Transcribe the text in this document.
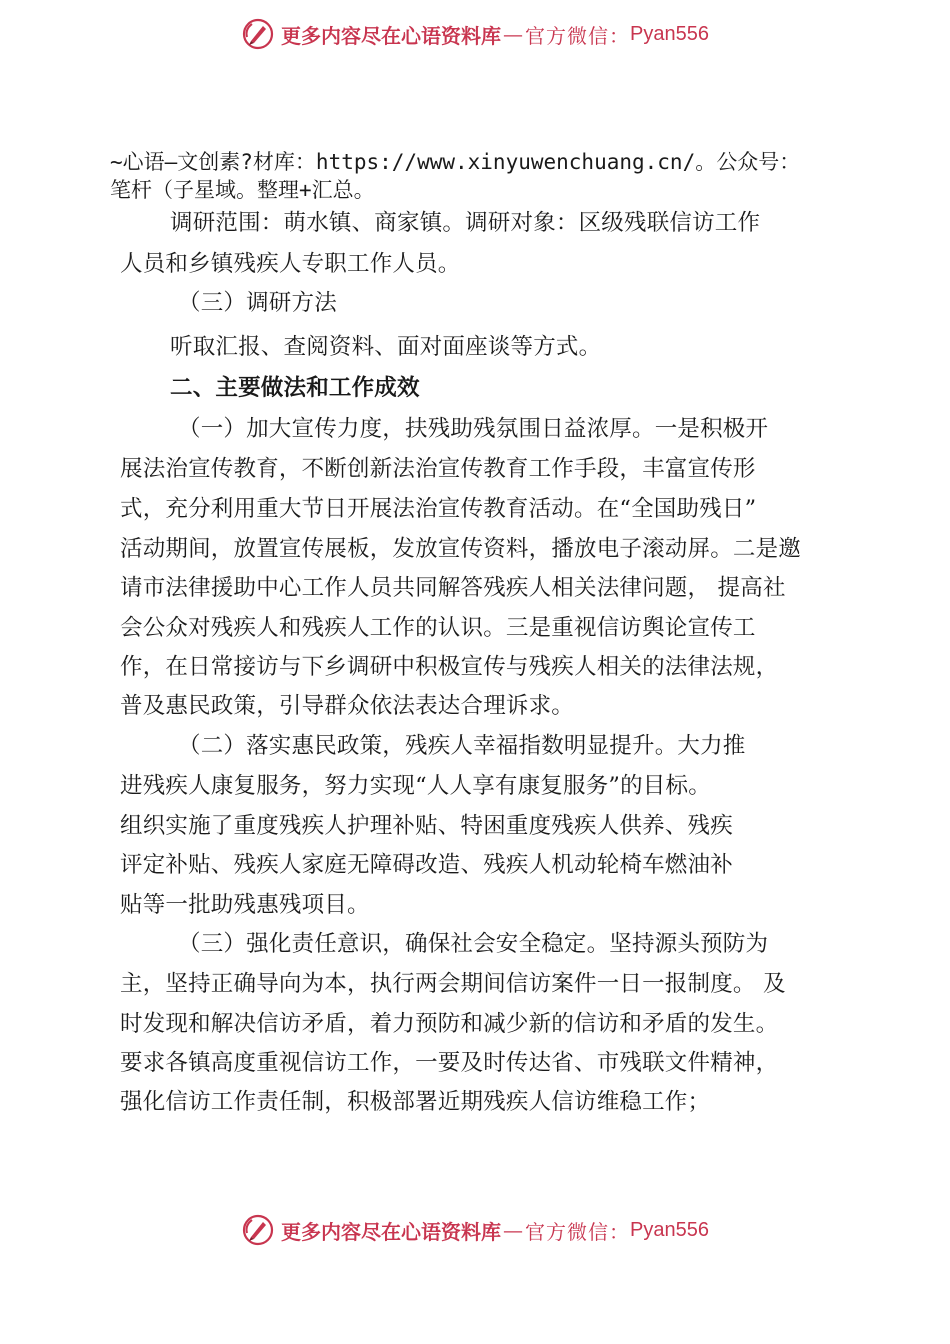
更多内容尽在心语资料库 — 官方微信： Pyan556
~心语—文创素?材库：https://www.xinyuwenchuang.cn/。公众号：
笔杆（子星域。整理+汇总。
调研范围：萌水镇、商家镇。调研对象：区级残联信访工作
人员和乡镇残疾人专职工作人员。
（三）调研方法
听取汇报、查阅资料、面对面座谈等方式。
二、主要做法和工作成效
（一）加大宣传力度，扶残助残氛围日益浓厚。一是积极开
展法治宣传教育，不断创新法治宣传教育工作手段，丰富宣传形
式，充分利用重大节日开展法治宣传教育活动。在“全国助残日”
活动期间，放置宣传展板，发放宣传资料，播放电子滚动屏。二是邀
请市法律援助中心工作人员共同解答残疾人相关法律问题， 提高社
会公众对残疾人和残疾人工作的认识。三是重视信访舆论宣传工
作，在日常接访与下乡调研中积极宣传与残疾人相关的法律法规，
普及惠民政策，引导群众依法表达合理诉求。
（二）落实惠民政策，残疾人幸福指数明显提升。大力推
进残疾人康复服务，努力实现“人人享有康复服务”的目标。
组织实施了重度残疾人护理补贴、特困重度残疾人供养、残疾
评定补贴、残疾人家庭无障碍改造、残疾人机动轮椅车燃油补
贴等一批助残惠残项目。
（三）强化责任意识，确保社会安全稳定。坚持源头预防为
主，坚持正确导向为本，执行两会期间信访案件一日一报制度。 及
时发现和解决信访矛盾，着力预防和减少新的信访和矛盾的发生。
要求各镇高度重视信访工作，一要及时传达省、市残联文件精神，
强化信访工作责任制，积极部署近期残疾人信访维稳工作；
更多内容尽在心语资料库 — 官方微信： Pyan556
